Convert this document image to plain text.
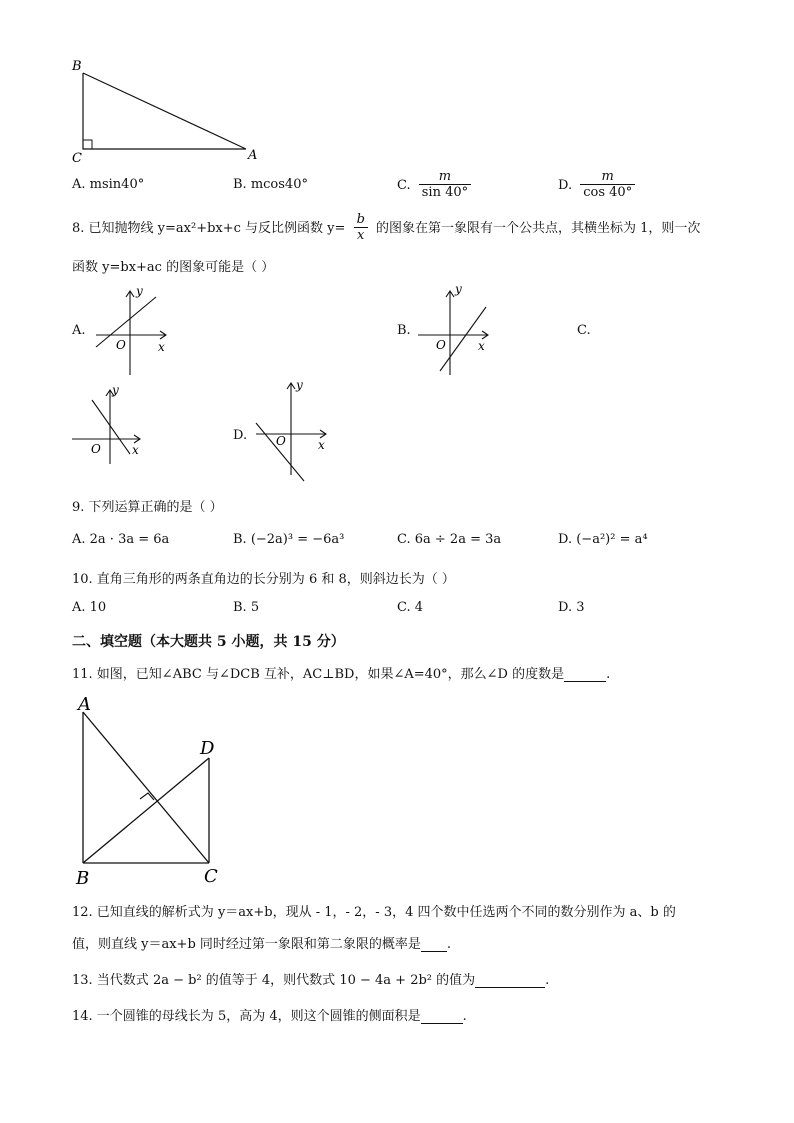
B
C	A
A. msin40°	B. mcos40°	C. $\frac{m}{\sin 40^\circ}$	D. $\frac{m}{\cos 40^\circ}$
8. 已知抛物线 y=ax²+bx+c 与反比例函数 $y= \frac{b}{x}$ 的图象在第一象限有一个公共点，其横坐标为 1，则一次
函数 y=bx+ac 的图象可能是（ ）
A.
y
x
O
B.
y
x
O
C.
y
x
O
D.
y
x
O
9. 下列运算正确的是（ ）
A. 2a · 3a = 6a	B. (−2a)³ = −6a³	C. 6a ÷ 2a = 3a	D. (−a²)² = a⁴
10. 直角三角形的两条直角边的长分别为 6 和 8，则斜边长为（ ）
A. 10	B. 5	C. 4	D. 3
二、填空题（本大题共 5 小题，共 15 分）
11. 如图，已知∠ABC 与∠DCB 互补，AC⊥BD，如果∠A=40°，那么∠D 的度数是	.
A
D
B	C
12. 已知直线的解析式为 y＝ax+b，现从 - 1，- 2，- 3，4 四个数中任选两个不同的数分别作为 a、b 的
值，则直线 y＝ax+b 同时经过第一象限和第二象限的概率是 .
13. 当代数式 2a − b² 的值等于 4，则代数式 10 − 4a + 2b² 的值为	.
14. 一个圆锥的母线长为 5，高为 4，则这个圆锥的侧面积是	.
